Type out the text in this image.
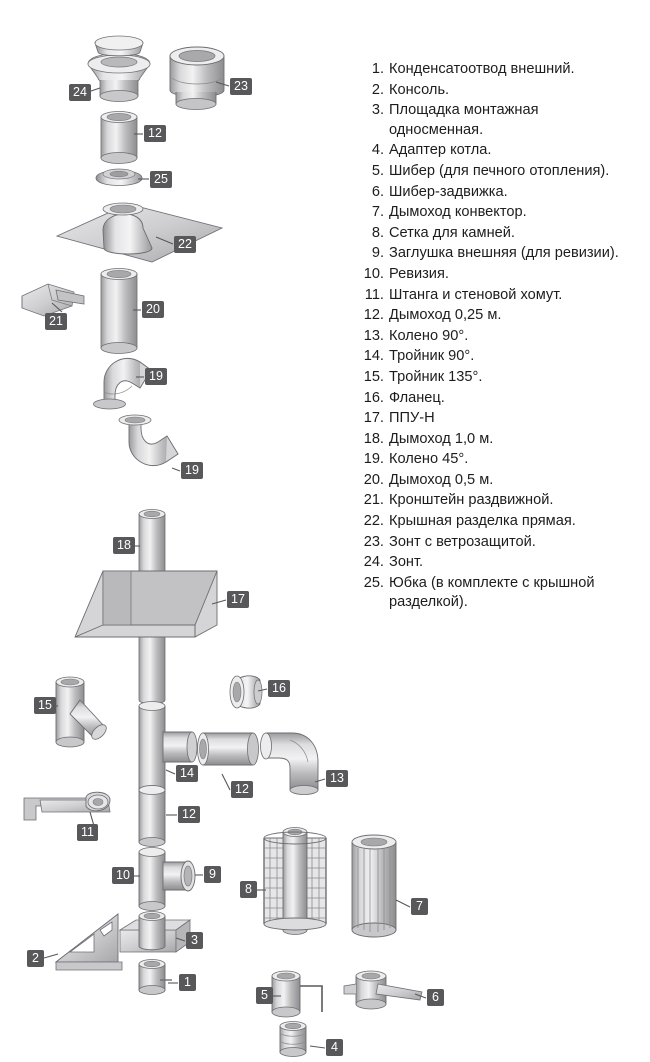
24	23
12
25
22
21
20
19
19
18
17
16
15
14
12
13
11
12
10	9
8
7
2
3
1
5	6
4
1. Конденсатоотвод внешний.
2. Консоль.
3. Площадка монтажная односменная.
4. Адаптер котла.
5. Шибер (для печного отопления).
6. Шибер-задвижка.
7. Дымоход конвектор.
8. Сетка для камней.
9. Заглушка внешняя (для ревизии).
10. Ревизия.
11. Штанга и стеновой хомут.
12. Дымоход 0,25 м.
13. Колено 90°.
14. Тройник 90°.
15. Тройник 135°.
16. Фланец.
17. ППУ-Н
18. Дымоход 1,0 м.
19. Колено 45°.
20. Дымоход 0,5 м.
21. Кронштейн раздвижной.
22. Крышная разделка прямая.
23. Зонт с ветрозащитой.
24. Зонт.
25. Юбка (в комплекте с крышной разделкой).
